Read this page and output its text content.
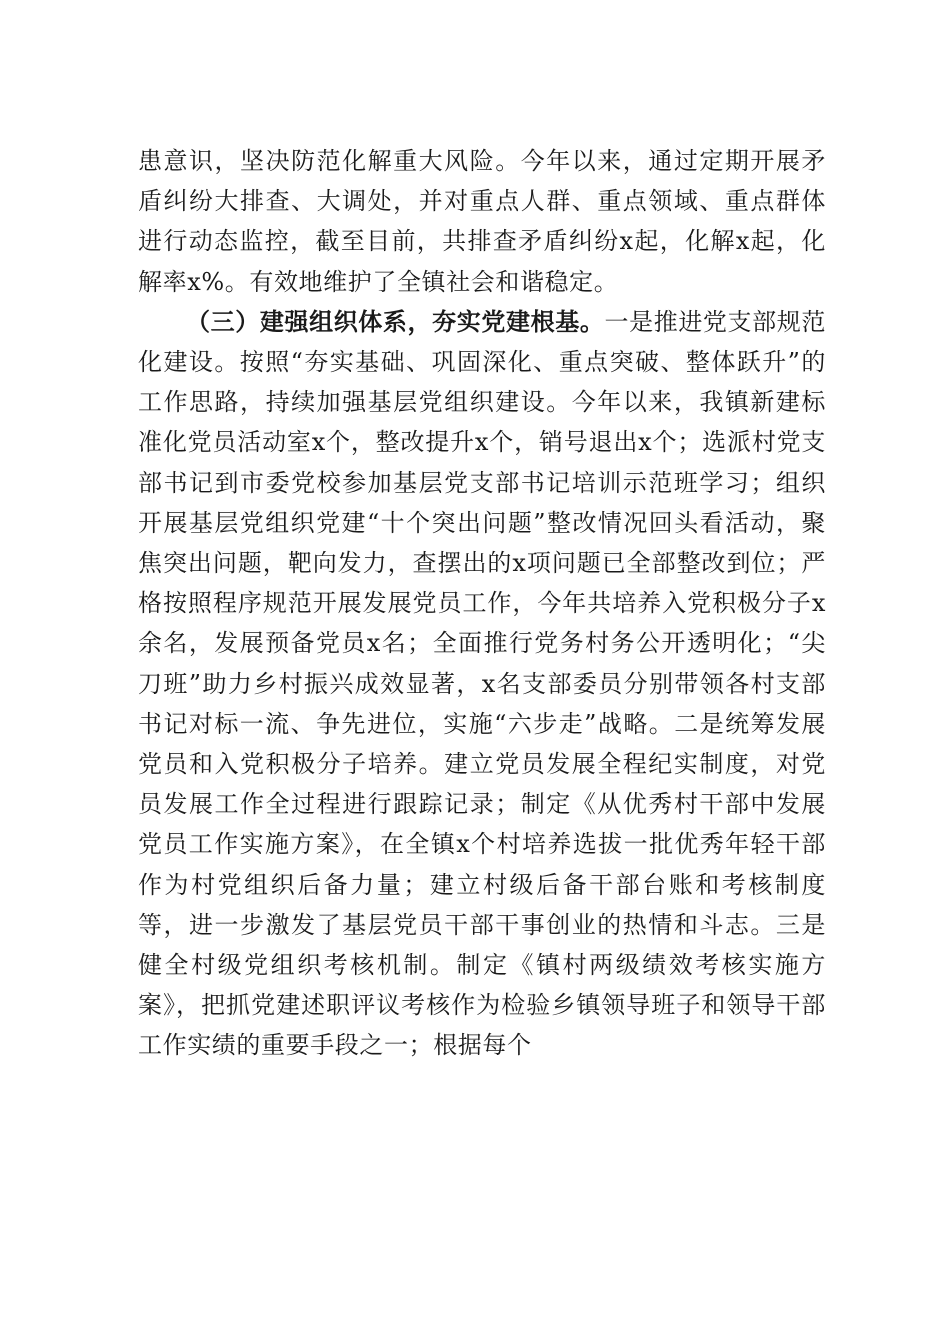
患意识，坚决防范化解重大风险。今年以来，通过定期开展矛盾纠纷大排查、大调处，并对重点人群、重点领域、重点群体进行动态监控，截至目前，共排查矛盾纠纷x起，化解x起，化解率x%。有效地维护了全镇社会和谐稳定。

（三）建强组织体系，夯实党建根基。一是推进党支部规范化建设。按照“夯实基础、巩固深化、重点突破、整体跃升”的工作思路，持续加强基层党组织建设。今年以来，我镇新建标准化党员活动室x个，整改提升x个，销号退出x个；选派村党支部书记到市委党校参加基层党支部书记培训示范班学习；组织开展基层党组织党建“十个突出问题”整改情况回头看活动，聚焦突出问题，靶向发力，查摆出的x项问题已全部整改到位；严格按照程序规范开展发展党员工作，今年共培养入党积极分子x余名，发展预备党员x名；全面推行党务村务公开透明化；“尖刀班”助力乡村振兴成效显著，x名支部委员分别带领各村支部书记对标一流、争先进位，实施“六步走”战略。二是统筹发展党员和入党积极分子培养。建立党员发展全程纪实制度，对党员发展工作全过程进行跟踪记录；制定《从优秀村干部中发展党员工作实施方案》，在全镇x个村培养选拔一批优秀年轻干部作为村党组织后备力量；建立村级后备干部台账和考核制度等，进一步激发了基层党员干部干事创业的热情和斗志。三是健全村级党组织考核机制。制定《镇村两级绩效考核实施方案》，把抓党建述职评议考核作为检验乡镇领导班子和领导干部工作实绩的重要手段之一；根据每个
